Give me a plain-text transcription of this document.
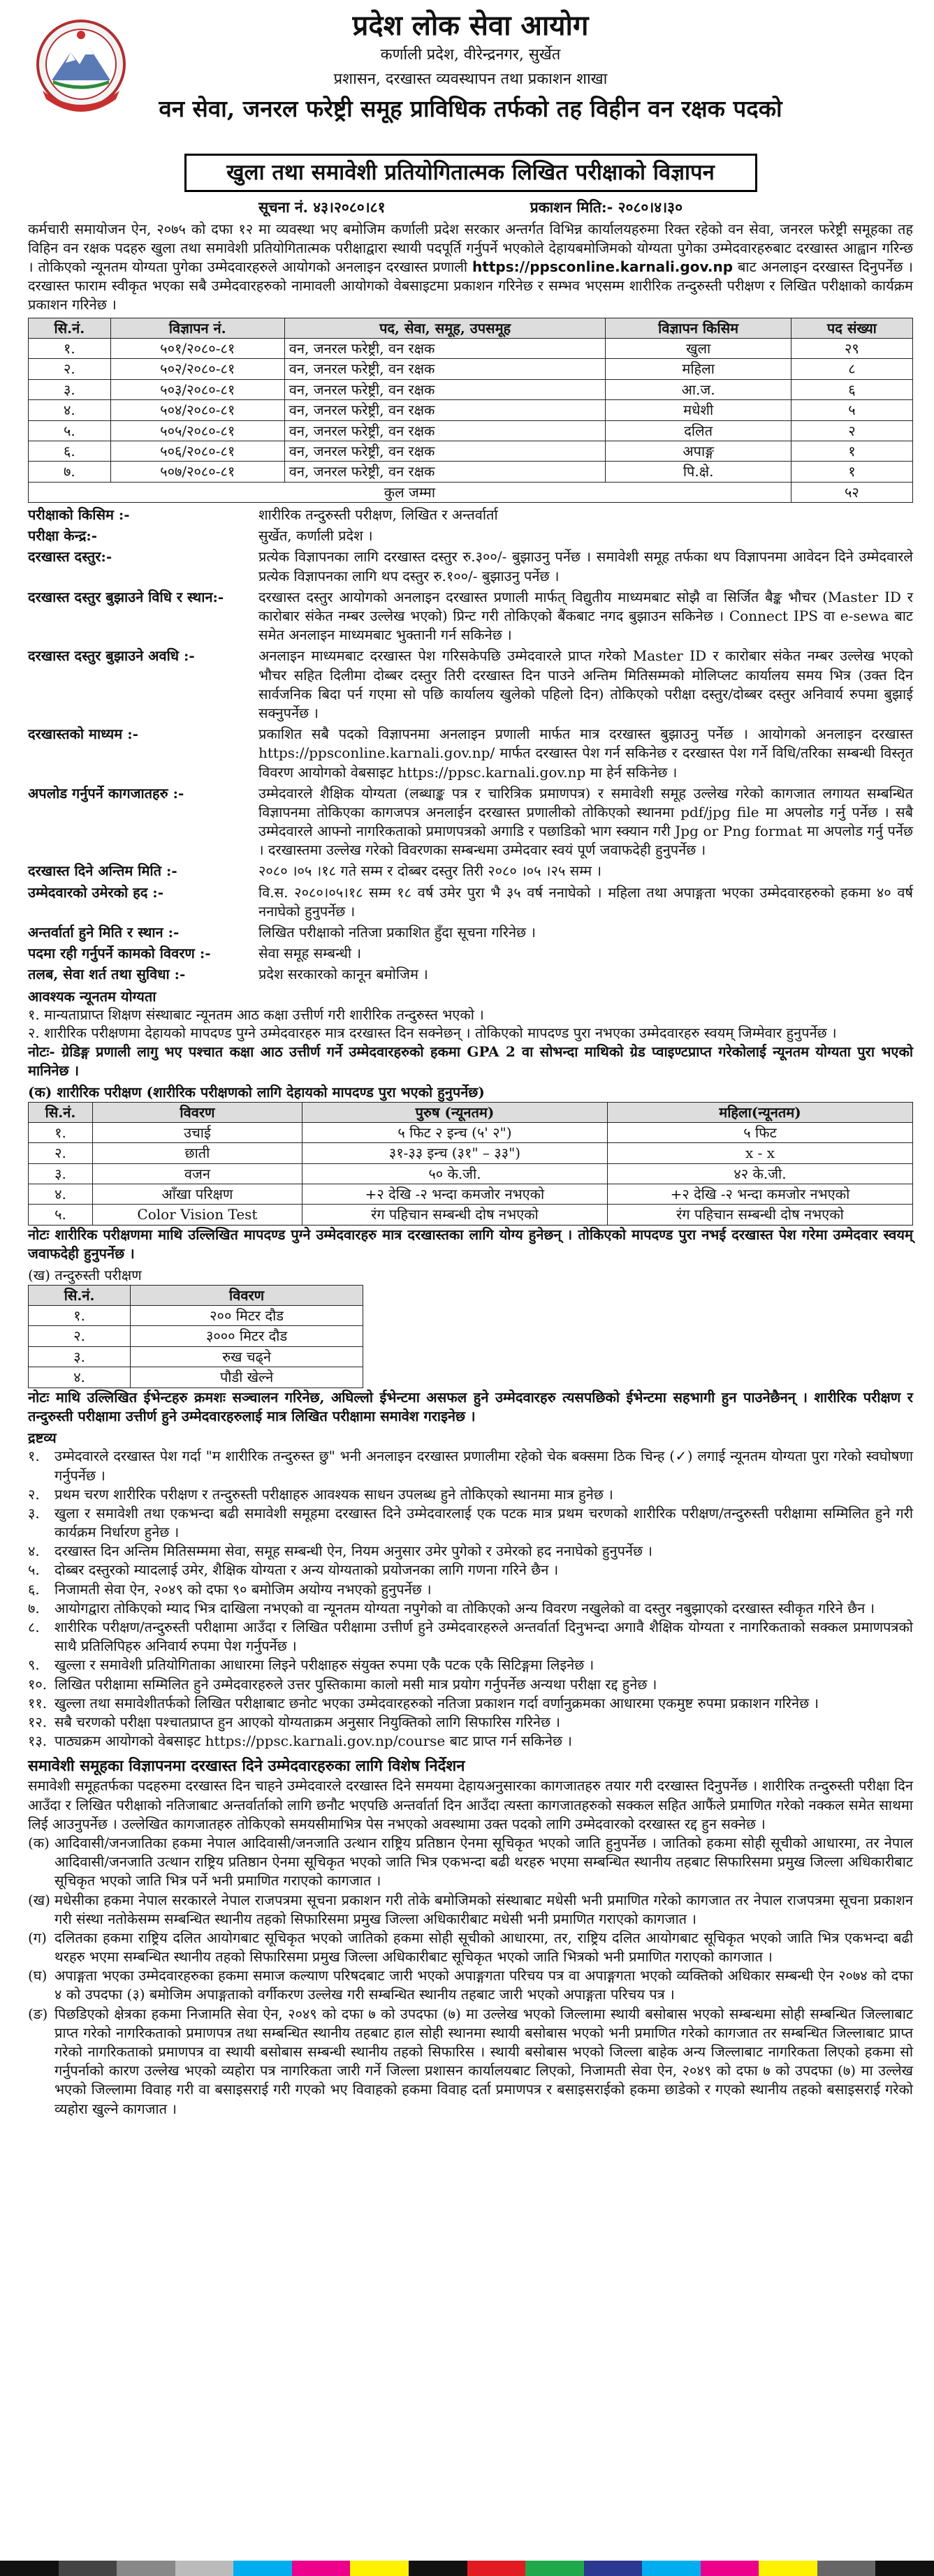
प्रदेश लोक सेवा आयोग
कर्णाली प्रदेश, वीरेन्द्रनगर, सुर्खेत
प्रशासन, दरखास्त व्यवस्थापन तथा प्रकाशन शाखा
वन सेवा, जनरल फरेष्ट्री समूह प्राविधिक तर्फको तह विहीन वन रक्षक पदको
खुला तथा समावेशी प्रतियोगितात्मक लिखित परीक्षाको विज्ञापन
सूचना नं. ४३।२०८०।८१	प्रकाशन मिति:- २०८०।४।३०

कर्मचारी समायोजन ऐन, २०७५ को दफा १२ मा व्यवस्था भए बमोजिम कर्णाली प्रदेश सरकार अन्तर्गत विभिन्न कार्यालयहरुमा रिक्त रहेको वन सेवा, जनरल फरेष्ट्री समूहका तह विहिन वन रक्षक पदहरु खुला तथा समावेशी प्रतियोगितात्मक परीक्षाद्वारा स्थायी पदपूर्ति गर्नुपर्ने भएकोले देहायबमोजिमको योग्यता पुगेका उम्मेदवारहरुबाट दरखास्त आह्वान गरिन्छ । तोकिएको न्यूनतम योग्यता पुगेका उम्मेदवारहरुले आयोगको अनलाइन दरखास्त प्रणाली https://ppsconline.karnali.gov.np बाट अनलाइन दरखास्त दिनुपर्नेछ । दरखास्त फाराम स्वीकृत भएका सबै उम्मेदवारहरुको नामावली आयोगको वेबसाइटमा प्रकाशन गरिनेछ र सम्भव भएसम्म शारीरिक तन्दुरुस्ती परीक्षण र लिखित परीक्षाको कार्यक्रम प्रकाशन गरिनेछ ।

सि.नं.	विज्ञापन नं.	पद, सेवा, समूह, उपसमूह	विज्ञापन किसिम	पद संख्या
१.	५०१/२०८०-८१	वन, जनरल फरेष्ट्री, वन रक्षक	खुला	२९
२.	५०२/२०८०-८१	वन, जनरल फरेष्ट्री, वन रक्षक	महिला	८
३.	५०३/२०८०-८१	वन, जनरल फरेष्ट्री, वन रक्षक	आ.ज.	६
४.	५०४/२०८०-८१	वन, जनरल फरेष्ट्री, वन रक्षक	मधेशी	५
५.	५०५/२०८०-८१	वन, जनरल फरेष्ट्री, वन रक्षक	दलित	२
६.	५०६/२०८०-८१	वन, जनरल फरेष्ट्री, वन रक्षक	अपाङ्ग	१
७.	५०७/२०८०-८१	वन, जनरल फरेष्ट्री, वन रक्षक	पि.क्षे.	१
कुल जम्मा				५२
परीक्षाको किसिम :-	शारीरिक तन्दुरुस्ती परीक्षण, लिखित र अन्तर्वार्ता
परीक्षा केन्द्र:-	सुर्खेत, कर्णाली प्रदेश ।
दरखास्त दस्तुर:-	प्रत्येक विज्ञापनका लागि दरखास्त दस्तुर रु.३००/- बुझाउनु पर्नेछ । समावेशी समूह तर्फका थप विज्ञापनमा आवेदन दिने उम्मेदवारले प्रत्येक विज्ञापनका लागि थप दस्तुर रु.१००/- बुझाउनु पर्नेछ ।
दरखास्त दस्तुर बुझाउने विधि र स्थान:-	दरखास्त दस्तुर आयोगको अनलाइन दरखास्त प्रणाली मार्फत् विद्युतीय माध्यमबाट सोझै वा सिर्जित बैङ्क भौचर (Master ID र कारोबार संकेत नम्बर उल्लेख भएको) प्रिन्ट गरी तोकिएको बैंकबाट नगद बुझाउन सकिनेछ । Connect IPS वा e-sewa बाट समेत अनलाइन माध्यमबाट भुक्तानी गर्न सकिनेछ ।
दरखास्त दस्तुर बुझाउने अवधि :-	अनलाइन माध्यमबाट दरखास्त पेश गरिसकेपछि उम्मेदवारले प्राप्त गरेको Master ID र कारोबार संकेत नम्बर उल्लेख भएको भौचर सहित दिलीमा दोब्बर दस्तुर तिरी दरखास्त दिन पाउने अन्तिम मितिसम्मको मोलिप्लट कार्यालय समय भित्र (उक्त दिन सार्वजनिक बिदा पर्न गएमा सो पछि कार्यालय खुलेको पहिलो दिन) तोकिएको परीक्षा दस्तुर/दोब्बर दस्तुर अनिवार्य रुपमा बुझाई सक्नुपर्नेछ ।
दरखास्तको माध्यम :-	प्रकाशित सबै पदको विज्ञापनमा अनलाइन प्रणाली मार्फत मात्र दरखास्त बुझाउनु पर्नेछ । आयोगको अनलाइन दरखास्त https://ppsconline.karnali.gov.np/ मार्फत दरखास्त पेश गर्न सकिनेछ र दरखास्त पेश गर्ने विधि/तरिका सम्बन्धी विस्तृत विवरण आयोगको वेबसाइट https://ppsc.karnali.gov.np मा हेर्न सकिनेछ ।
अपलोड गर्नुपर्ने कागजातहरु :-	उम्मेदवारले शैक्षिक योग्यता (लब्धाङ्क पत्र र चारित्रिक प्रमाणपत्र) र समावेशी समूह उल्लेख गरेको कागजात लगायत सम्बन्धित विज्ञापनमा तोकिएका कागजपत्र अनलाईन दरखास्त प्रणालीको तोकिएको स्थानमा pdf/jpg file मा अपलोड गर्नु पर्नेछ । सबै उम्मेदवारले आफ्नो नागरिकताको प्रमाणपत्रको अगाडि र पछाडिको भाग स्क्यान गरी Jpg or Png format मा अपलोड गर्नु पर्नेछ । दरखास्तमा उल्लेख गरेको विवरणका सम्बन्धमा उम्मेदवार स्वयं पूर्ण जवाफदेही हुनुपर्नेछ ।
दरखास्त दिने अन्तिम मिति :-	२०८० ।०५ ।१८ गते सम्म र दोब्बर दस्तुर तिरी २०८० ।०५ ।२५ सम्म ।
उम्मेदवारको उमेरको हद :-	वि.स. २०८०।०५।१८ सम्म १८ वर्ष उमेर पुरा भै ३५ वर्ष ननाघेको । महिला तथा अपाङ्गता भएका उम्मेदवारहरुको हकमा ४० वर्ष ननाघेको हुनुपर्नेछ ।
अन्तर्वार्ता हुने मिति र स्थान :-	लिखित परीक्षाको नतिजा प्रकाशित हुँदा सूचना गरिनेछ ।
पदमा रही गर्नुपर्ने कामको विवरण :-	सेवा समूह सम्बन्धी ।
तलब, सेवा शर्त तथा सुविधा :-	प्रदेश सरकारको कानून बमोजिम ।
आवश्यक न्यूनतम योग्यता
१. मान्यताप्राप्त शिक्षण संस्थाबाट न्यूनतम आठ कक्षा उत्तीर्ण गरी शारीरिक तन्दुरुस्त भएको ।
२. शारीरिक परीक्षणमा देहायको मापदण्ड पुग्ने उम्मेदवारहरु मात्र दरखास्त दिन सक्नेछन् । तोकिएको मापदण्ड पुरा नभएका उम्मेदवारहरु स्वयम् जिम्मेवार हुनुपर्नेछ ।
नोटः- ग्रेडिङ्ग प्रणाली लागु भए पश्चात कक्षा आठ उत्तीर्ण गर्ने उम्मेदवारहरुको हकमा GPA 2 वा सोभन्दा माथिको ग्रेड प्वाइण्टप्राप्त गरेकोलाई न्यूनतम योग्यता पुरा भएको मानिनेछ ।
(क) शारीरिक परीक्षण (शारीरिक परीक्षणको लागि देहायको मापदण्ड पुरा भएको हुनुपर्नेछ)
सि.नं.	विवरण	पुरुष (न्यूनतम)	महिला(न्यूनतम)
१.	उचाई	५ फिट २ इन्च (५' २")	५ फिट
२.	छाती	३१-३३ इन्च (३१" – ३३")	x - x
३.	वजन	५० के.जी.	४२ के.जी.
४.	आँखा परिक्षण	+२ देखि -२ भन्दा कमजोर नभएको	+२ देखि -२ भन्दा कमजोर नभएको
५.	Color Vision Test	रंग पहिचान सम्बन्धी दोष नभएको	रंग पहिचान सम्बन्धी दोष नभएको
नोटः शारीरिक परीक्षणमा माथि उल्लिखित मापदण्ड पुग्ने उम्मेदवारहरु मात्र दरखास्तका लागि योग्य हुनेछन् । तोकिएको मापदण्ड पुरा नभई दरखास्त पेश गरेमा उम्मेदवार स्वयम् जवाफदेही हुनुपर्नेछ ।
(ख) तन्दुरुस्ती परीक्षण
सि.नं.	विवरण
१.	२०० मिटर दौड
२.	३००० मिटर दौड
३.	रुख चढ्ने
४.	पौडी खेल्ने
नोटः माथि उल्लिखित ईभेन्टहरु क्रमशः सञ्चालन गरिनेछ, अघिल्लो ईभेन्टमा असफल हुने उम्मेदवारहरु त्यसपछिको ईभेन्टमा सहभागी हुन पाउनेछैनन् । शारीरिक परीक्षण र तन्दुरुस्ती परीक्षामा उत्तीर्ण हुने उम्मेदवारहरुलाई मात्र लिखित परीक्षामा समावेश गराइनेछ ।
द्रष्टव्य
१.	उम्मेदवारले दरखास्त पेश गर्दा "म शारीरिक तन्दुरुस्त छु" भनी अनलाइन दरखास्त प्रणालीमा रहेको चेक बक्समा ठिक चिन्ह (✓) लगाई न्यूनतम योग्यता पुरा गरेको स्वघोषणा गर्नुपर्नेछ ।
२.	प्रथम चरण शारीरिक परीक्षण र तन्दुरुस्ती परीक्षाहरु आवश्यक साधन उपलब्ध हुने तोकिएको स्थानमा मात्र हुनेछ ।
३.	खुला र समावेशी तथा एकभन्दा बढी समावेशी समूहमा दरखास्त दिने उम्मेदवारलाई एक पटक मात्र प्रथम चरणको शारीरिक परीक्षण/तन्दुरुस्ती परीक्षामा सम्मिलित हुने गरी कार्यक्रम निर्धारण हुनेछ ।
४.	दरखास्त दिन अन्तिम मितिसम्ममा सेवा, समूह सम्बन्धी ऐन, नियम अनुसार उमेर पुगेको र उमेरको हद ननाघेको हुनुपर्नेछ ।
५.	दोब्बर दस्तुरको म्यादलाई उमेर, शैक्षिक योग्यता र अन्य योग्यताको प्रयोजनका लागि गणना गरिने छैन ।
६.	निजामती सेवा ऐन, २०४९ को दफा ९० बमोजिम अयोग्य नभएको हुनुपर्नेछ ।
७.	आयोगद्वारा तोकिएको म्याद भित्र दाखिला नभएको वा न्यूनतम योग्यता नपुगेको वा तोकिएको अन्य विवरण नखुलेको वा दस्तुर नबुझाएको दरखास्त स्वीकृत गरिने छैन ।
८.	शारीरिक परीक्षण/तन्दुरुस्ती परीक्षामा आउँदा र लिखित परीक्षामा उत्तीर्ण हुने उम्मेदवारहरुले अन्तर्वार्ता दिनुभन्दा अगावै शैक्षिक योग्यता र नागरिकताको सक्कल प्रमाणपत्रको साथै प्रतिलिपिहरु अनिवार्य रुपमा पेश गर्नुपर्नेछ ।
९.	खुल्ला र समावेशी प्रतियोगिताका आधारमा लिइने परीक्षाहरु संयुक्त रुपमा एकै पटक एकै सिटिङ्गमा लिइनेछ ।
१०. लिखित परीक्षामा सम्मिलित हुने उम्मेदवारहरुले उत्तर पुस्तिकामा कालो मसी मात्र प्रयोग गर्नुपर्नेछ अन्यथा परीक्षा रद्द हुनेछ ।
११. खुल्ला तथा समावेशीतर्फको लिखित परीक्षाबाट छनोट भएका उम्मेदवारहरुको नतिजा प्रकाशन गर्दा वर्णानुक्रमका आधारमा एकमुष्ट रुपमा प्रकाशन गरिनेछ ।
१२. सबै चरणको परीक्षा पश्चातप्राप्त हुन आएको योग्यताक्रम अनुसार नियुक्तिको लागि सिफारिस गरिनेछ ।
१३. पाठ्यक्रम आयोगको वेबसाइट https://ppsc.karnali.gov.np/course बाट प्राप्त गर्न सकिनेछ ।
समावेशी समूहका विज्ञापनमा दरखास्त दिने उम्मेदवारहरुका लागि विशेष निर्देशन

समावेशी समूहतर्फका पदहरुमा दरखास्त दिन चाहने उम्मेदवारले दरखास्त दिने समयमा देहायअनुसारका कागजातहरु तयार गरी दरखास्त दिनुपर्नेछ । शारीरिक तन्दुरुस्ती परीक्षा दिन आउँदा र लिखित परीक्षाको नतिजाबाट अन्तर्वार्ताको लागि छनौट भएपछि अन्तर्वार्ता दिन आउँदा त्यस्ता कागजातहरुको सक्कल सहित आफैंले प्रमाणित गरेको नक्कल समेत साथमा लिई आउनुपर्नेछ । उल्लेखित कागजातहरु तोकिएको समयसीमाभित्र पेस नभएको अवस्थामा उक्त पदको लागि उम्मेदवारको दरखास्त रद्द हुन सक्नेछ ।

(क) आदिवासी/जनजातिका हकमा नेपाल आदिवासी/जनजाति उत्थान राष्ट्रिय प्रतिष्ठान ऐनमा सूचिकृत भएको जाति हुनुपर्नेछ । जातिको हकमा सोही सूचीको आधारमा, तर नेपाल आदिवासी/जनजाति उत्थान राष्ट्रिय प्रतिष्ठान ऐनमा सूचिकृत भएको जाति भित्र एकभन्दा बढी थरहरु भएमा सम्बन्धित स्थानीय तहबाट सिफारिसमा प्रमुख जिल्ला अधिकारीबाट सूचिकृत भएको जाति भित्र पर्ने भनी प्रमाणित गराएको कागजात ।
(ख) मधेसीका हकमा नेपाल सरकारले नेपाल राजपत्रमा सूचना प्रकाशन गरी तोके बमोजिमको संस्थाबाट मधेसी भनी प्रमाणित गरेको कागजात तर नेपाल राजपत्रमा सूचना प्रकाशन गरी संस्था नतोकेसम्म सम्बन्धित स्थानीय तहको सिफारिसमा प्रमुख जिल्ला अधिकारीबाट मधेसी भनी प्रमाणित गराएको कागजात ।
(ग) दलितका हकमा राष्ट्रिय दलित आयोगबाट सूचिकृत भएको जातिको हकमा सोही सूचीको आधारमा, तर, राष्ट्रिय दलित आयोगबाट सूचिकृत भएको जाति भित्र एकभन्दा बढी थरहरु भएमा सम्बन्धित स्थानीय तहको सिफारिसमा प्रमुख जिल्ला अधिकारीबाट सूचिकृत भएको जाति भित्रको भनी प्रमाणित गराएको कागजात ।
(घ) अपाङ्गता भएका उम्मेदवारहरुका हकमा समाज कल्याण परिषदबाट जारी भएको अपाङ्गगता परिचय पत्र वा अपाङ्गगता भएको व्यक्तिको अधिकार सम्बन्धी ऐन २०७४ को दफा ४ को उपदफा (३) बमोजिम अपाङ्गताको वर्गीकरण उल्लेख गरी सम्बन्धित स्थानीय तहबाट जारी भएको अपाङ्गता परिचय पत्र ।
(ङ) पिछडिएको क्षेत्रका हकमा निजामति सेवा ऐन, २०४९ को दफा ७ को उपदफा (७) मा उल्लेख भएको जिल्लामा स्थायी बसोबास भएको सम्बन्धमा सोही सम्बन्धित जिल्लाबाट प्राप्त गरेको नागरिकताको प्रमाणपत्र तथा सम्बन्धित स्थानीय तहबाट हाल सोही स्थानमा स्थायी बसोबास भएको भनी प्रमाणित गरेको कागजात तर सम्बन्धित जिल्लाबाट प्राप्त गरेको नागरिकताको प्रमाणपत्र वा स्थायी बसोबास सम्बन्धी स्थानीय तहको सिफारिस । स्थायी बसोबास भएको जिल्ला बाहेक अन्य जिल्लाबाट नागरिकता लिएको हकमा सो गर्नुपर्नाको कारण उल्लेख भएको व्यहोरा पत्र नागरिकता जारी गर्ने जिल्ला प्रशासन कार्यालयबाट लिएको, निजामती सेवा ऐन, २०४९ को दफा ७ को उपदफा (७) मा उल्लेख भएको जिल्लामा विवाह गरी वा बसाइसराई गरी गएको भए विवाहको हकमा विवाह दर्ता प्रमाणपत्र र बसाइसराईको हकमा छाडेको र गएको स्थानीय तहको बसाइसराई गरेको व्यहोरा खुल्ने कागजात ।
